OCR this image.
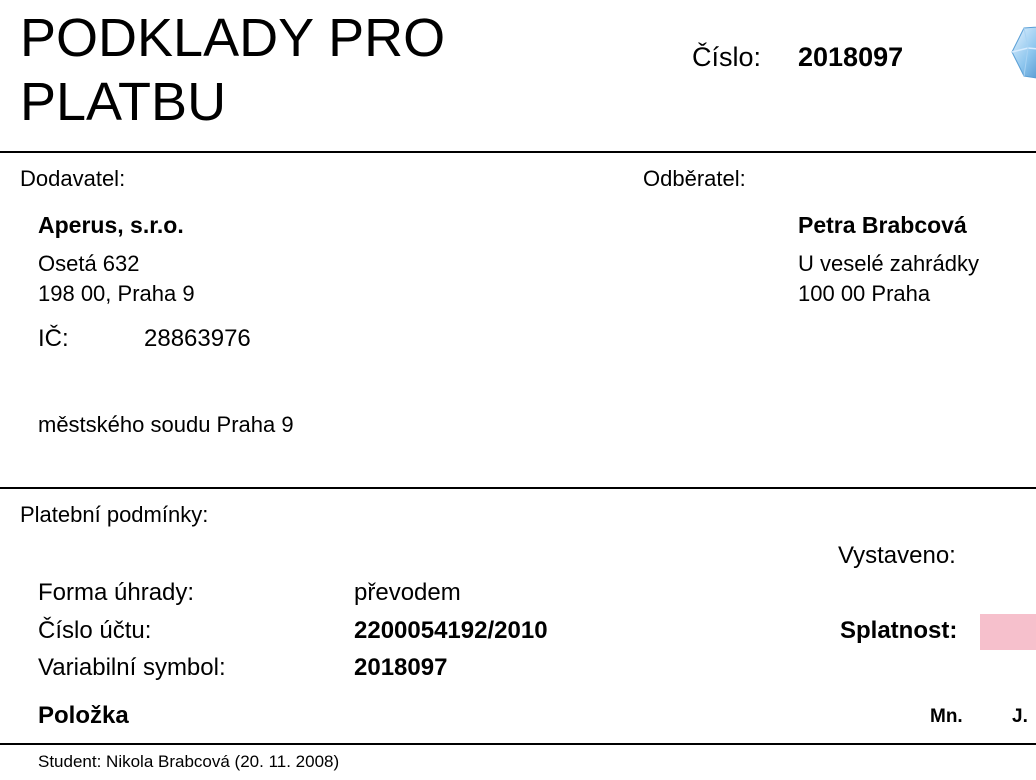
PODKLADY PRO
PLATBU
Číslo: 2018097
Dodavatel:	Odběratel:
Aperus, s.r.o.
Osetá 632
198 00, Praha 9
IČ:	28863976
městského soudu Praha 9
Petra Brabcová
U veselé zahrádky
100 00 Praha
Platební podmínky:
Vystaveno:
Forma úhrady:	převodem
Číslo účtu:	2200054192/2010	Splatnost:
Variabilní symbol:	2018097
Položka	Mn.	J.
Student: Nikola Brabcová (20. 11. 2008)
